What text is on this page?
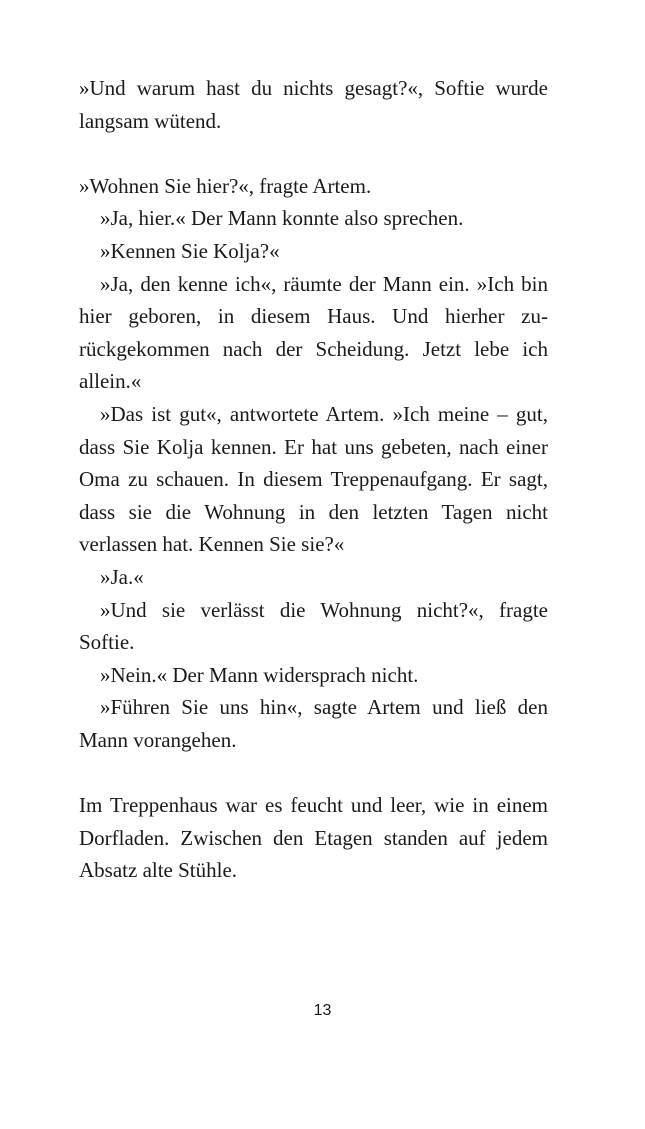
»Und warum hast du nichts gesagt?«, Softie wurde langsam wütend.

»Wohnen Sie hier?«, fragte Artem.

»Ja, hier.« Der Mann konnte also sprechen.

»Kennen Sie Kolja?«

»Ja, den kenne ich«, räumte der Mann ein. »Ich bin hier geboren, in diesem Haus. Und hierher zurückgekommen nach der Scheidung. Jetzt lebe ich allein.«

»Das ist gut«, antwortete Artem. »Ich meine – gut, dass Sie Kolja kennen. Er hat uns gebeten, nach einer Oma zu schauen. In diesem Treppenaufgang. Er sagt, dass sie die Wohnung in den letzten Tagen nicht verlassen hat. Kennen Sie sie?«

»Ja.«

»Und sie verlässt die Wohnung nicht?«, fragte Softie.

»Nein.« Der Mann widersprach nicht.

»Führen Sie uns hin«, sagte Artem und ließ den Mann vorangehen.

Im Treppenhaus war es feucht und leer, wie in einem Dorfladen. Zwischen den Etagen standen auf jedem Absatz alte Stühle.

13
